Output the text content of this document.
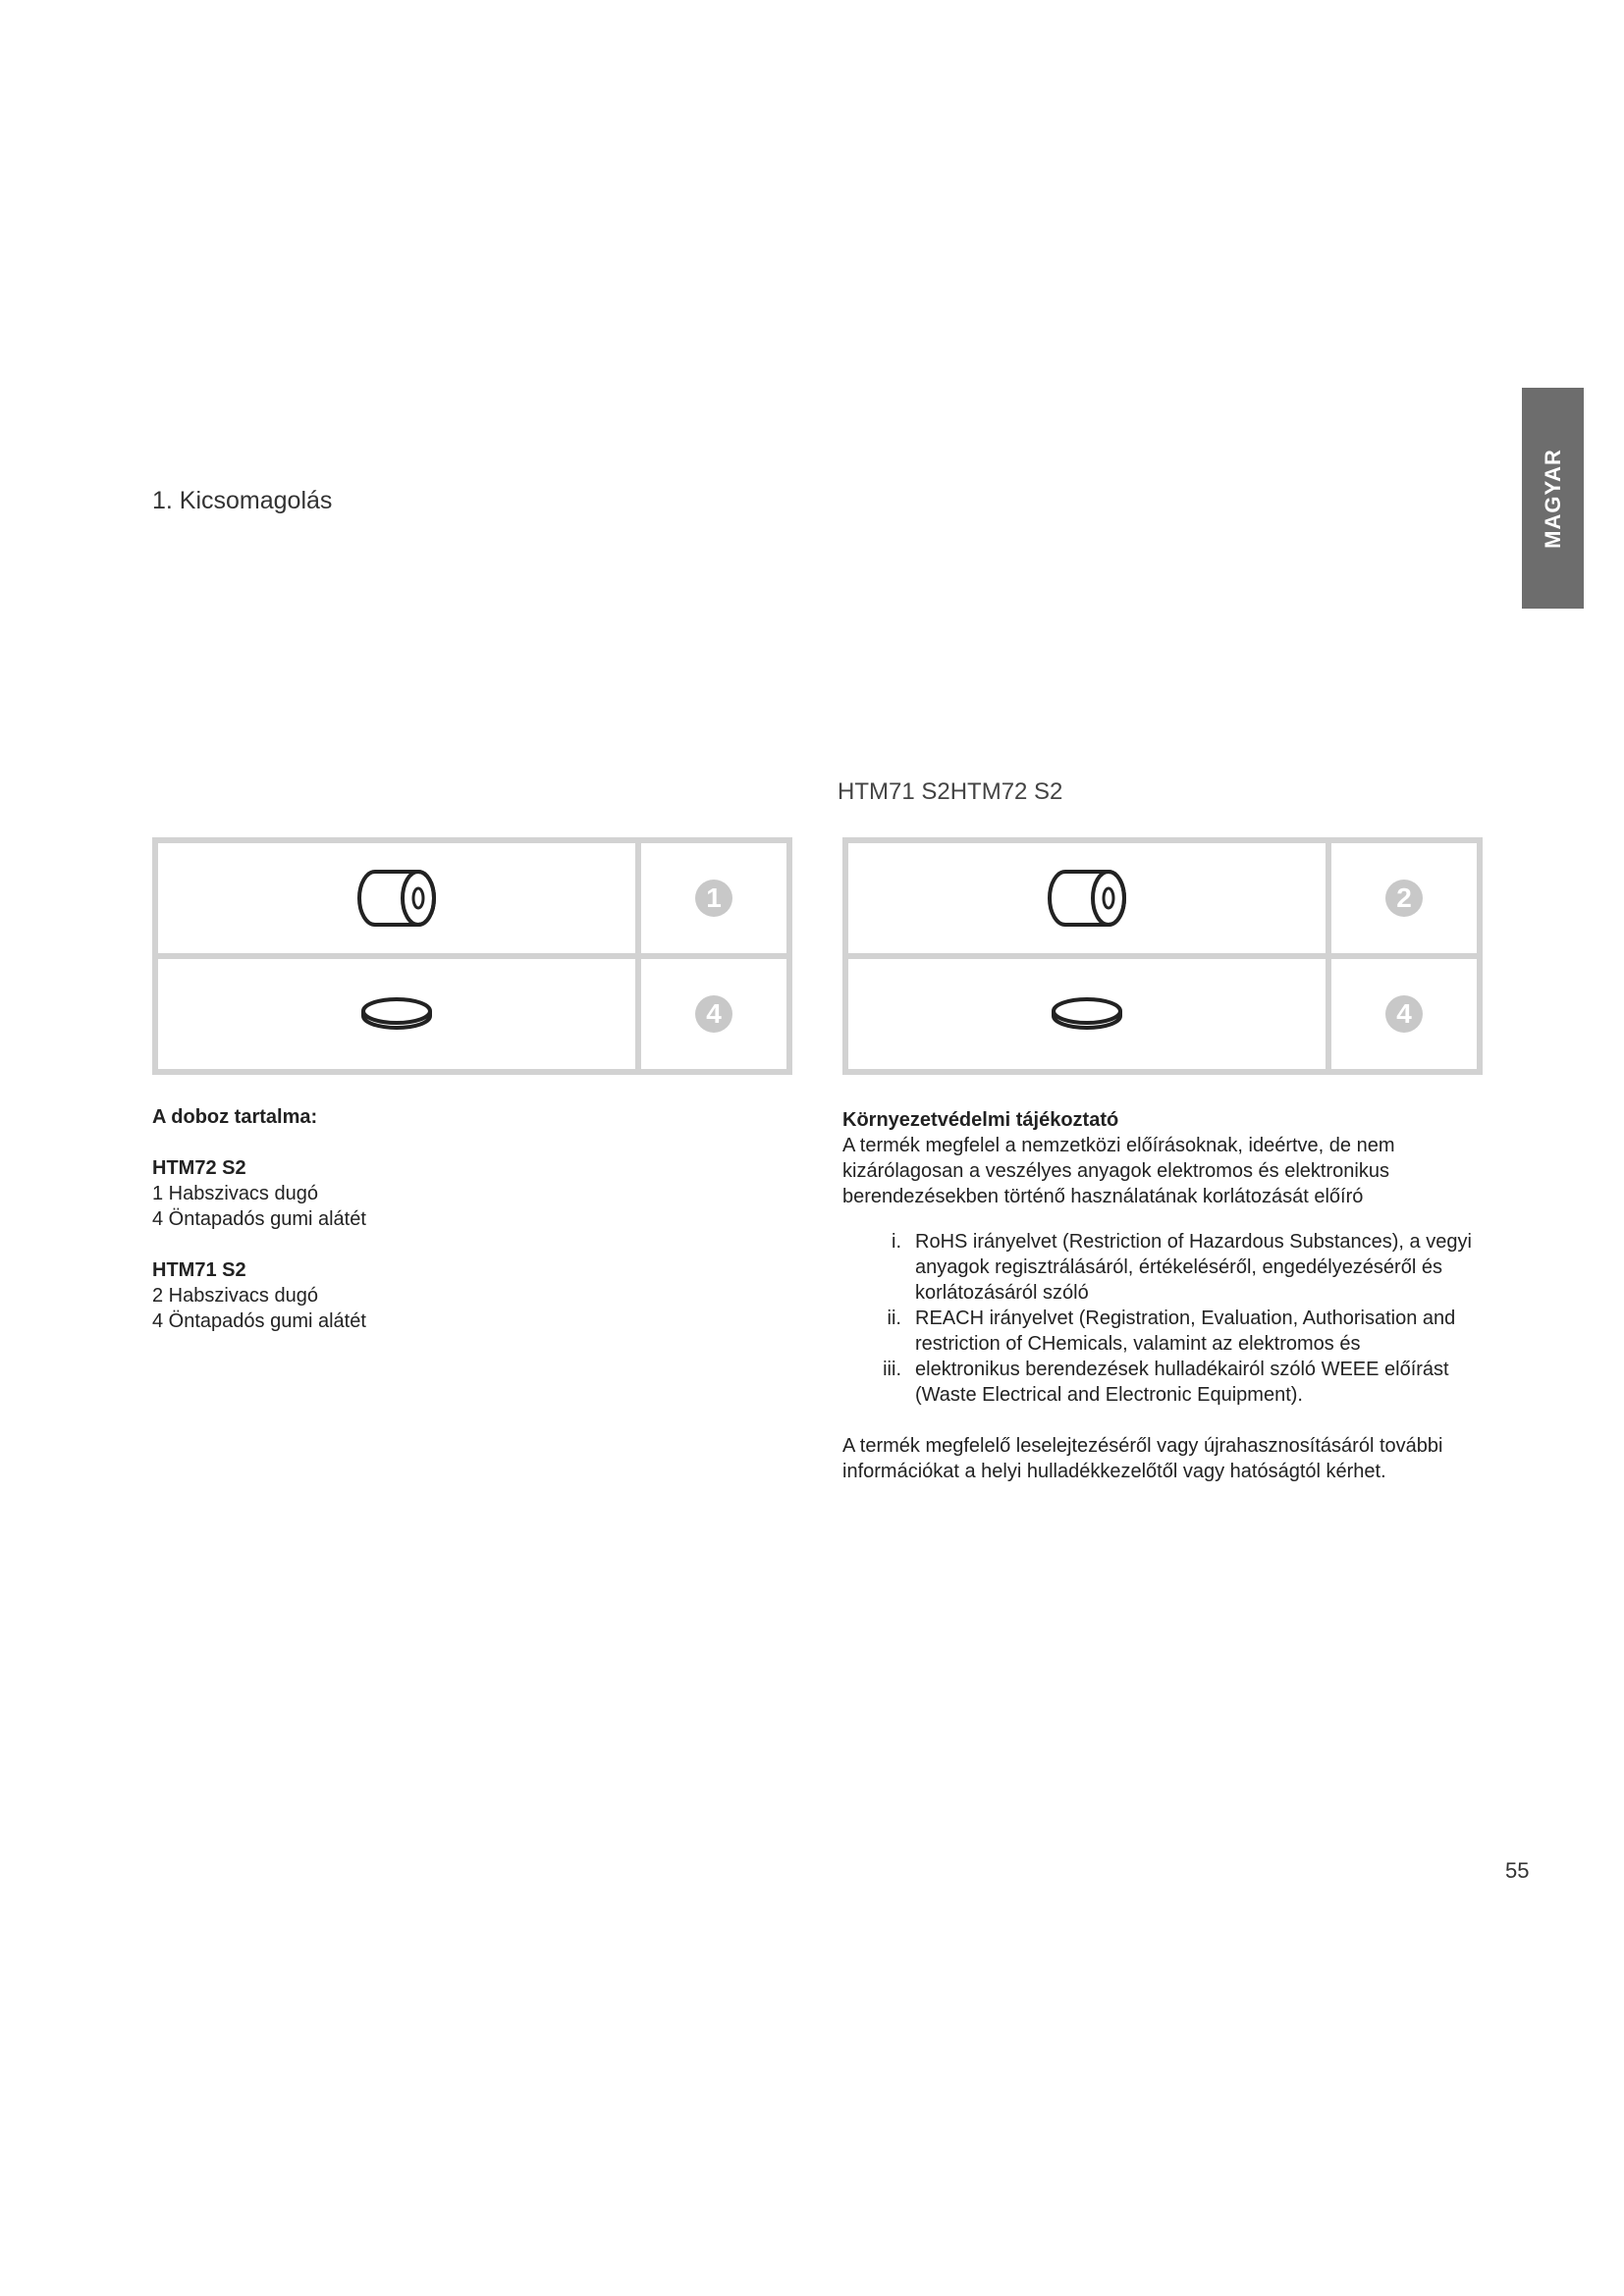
MAGYAR
1. Kicsomagolás
HTM71 S2HTM72 S2
1
4
2
4

A doboz tartalma:

HTM72 S2

1 Habszivacs dugó

4 Öntapadós gumi alátét

HTM71 S2

2 Habszivacs dugó

4 Öntapadós gumi alátét

Környezetvédelmi tájékoztató

A termék megfelel a nemzetközi előírásoknak, ideértve, de nem kizárólagosan a veszélyes anyagok elektromos és elektronikus berendezésekben történő használatának korlátozását előíró

i. RoHS irányelvet (Restriction of Hazardous Substances), a vegyi anyagok regisztrálásáról, értékeléséről, engedélyezéséről és korlátozásáról szóló
ii. REACH irányelvet (Registration, Evaluation, Authorisation and restriction of CHemicals, valamint az elektromos és
iii. elektronikus berendezések hulladékairól szóló WEEE előírást (Waste Electrical and Electronic Equipment).

A termék megfelelő leselejtezéséről vagy újrahasznosításáról további információkat a helyi hulladékkezelőtől vagy hatóságtól kérhet.

55
